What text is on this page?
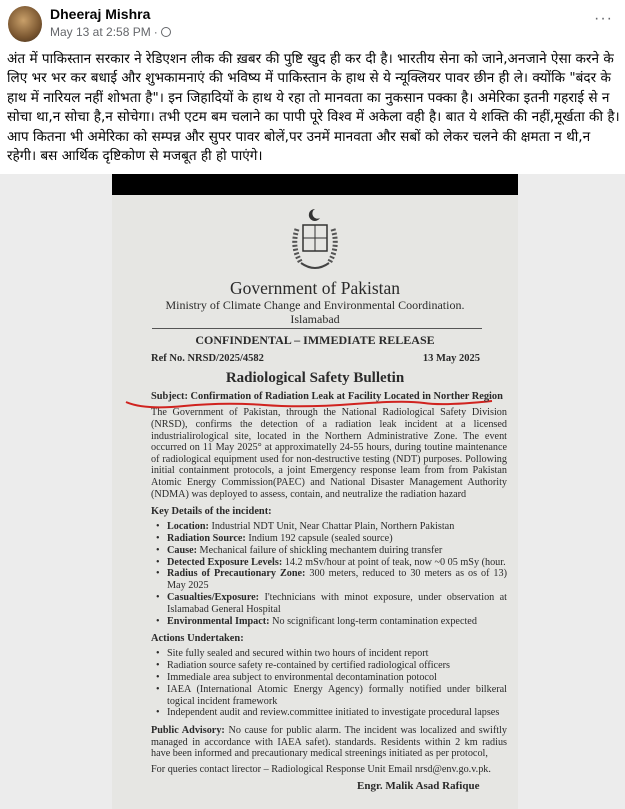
Dheeraj Mishra
May 13 at 2:58 PM ·
···
अंत में पाकिस्तान सरकार ने रेडिएशन लीक की ख़बर की पुष्टि खुद ही कर दी है। भारतीय सेना को जाने,अनजाने ऐसा करने के लिए भर भर कर बधाई और शुभकामनाएं की भविष्य में पाकिस्तान के हाथ से ये न्यूक्लियर पावर छीन ही ले। क्योंकि "बंदर के हाथ में नारियल नहीं शोभता है"। इन जिहादियों के हाथ ये रहा तो मानवता का नुकसान पक्का है। अमेरिका इतनी गहराई से न सोचा था,न सोचा है,न सोचेगा। तभी एटम बम चलाने का पापी पूरे विश्व में अकेला वही है। बात ये शक्ति की नहीं,मूर्खता की है। आप कितना भी अमेरिका को सम्पन्न और सुपर पावर बोलें,पर उनमें मानवता और सबों को लेकर चलने की क्षमता न थी,न रहेगी। बस आर्थिक दृष्टिकोण से मजबूत ही हो पाएंगे।
Government of Pakistan
Ministry of Climate Change and Environmental Coordination.
Islamabad
CONFINDENTAL – IMMEDIATE RELEASE
Ref No. NRSD/2025/4582	13 May 2025
Radiological Safety Bulletin
Subject: Confirmation of Radiation Leak at Facility Located in Norther Region

The Government of Pakistan, through the National Radiological Safety Division (NRSD), confirms the detection of a radiation leak incident at a licensed industrialirological site, located in the Northern Administrative Zone. The event occurred on 11 May 2025° at approximatelly 24-55 hours, during toutine maintenance of radiological equipment used for non-destructive testing (NDT) purposes. Pollowing initial containment protocols, a joint Emergency response leam from from Pakistan Atomic Energy Commission(PAEC) and National Disaster Management Authority (NDMA) was deployed to assess, contain, and neutralize the radiation hazard

Key Details of the incident:
• Location: Industrial NDT Unit, Near Chattar Plain, Northern Pakistan
• Radiation Source: Indium 192 capsule (sealed source)
• Cause: Mechanical failure of shickling mechantem duiring transfer
• Detected Exposure Levels: 14.2 mSv/hour at point of teak, now ~0 05 mSy (hour.
• Radius of Precautionary Zone: 300 meters, reduced to 30 meters as os of 13) May 2025
• Casualties/Exposure: I'technicians with minot exposure, under observation at Islamabad General Hospital
• Environmental Impact: No scignificant long-term contamination expected
Actions Undertaken:
• Site fully sealed and secured within two hours of incident report
• Radiation source safety re-contained by certified radiological officers
• Immediale area subject to environmental decontamination potocol
• IAEA (International Atomic Energy Agency) formally notified under bilkeral togical incident framework
• Independent audit and review.committee initiated to investigate procedural lapses

Public Advisory: No cause for public alarm. The incident was localized and swiftly managed in accordance with IAEA safet). standards. Residents within 2 km radius have been informed and precautionary medical streenings initiated as per protocol,

For queries contact lirector – Radiological Response Unit Email nrsd@env.go.v.pk.

Engr. Malik Asad Rafique
